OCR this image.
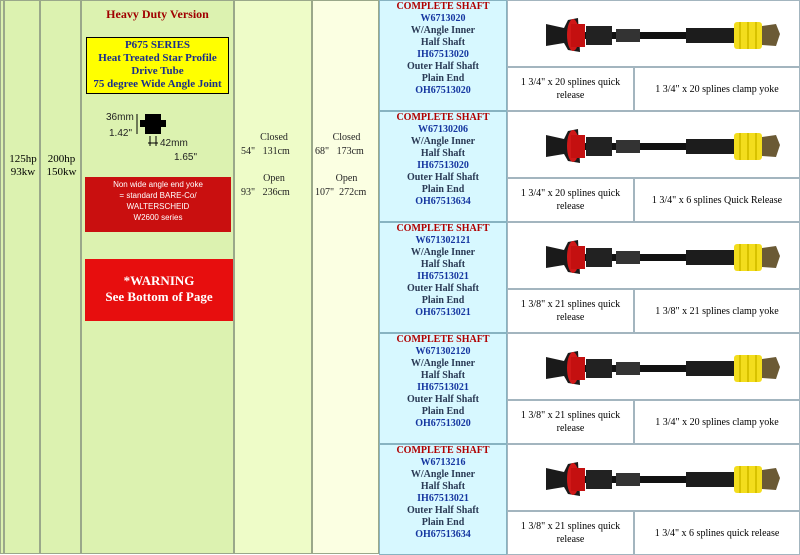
125hp
93kw
200hp
150kw
Closed
54"   131cm
Open
93"   236cm
Closed
68"   173cm
Open
107"  272cm
Heavy Duty Version
P675 SERIES
Heat Treated Star Profile
Drive Tube
75 degree Wide Angle Joint
36mm
1.42"
42mm
1.65"
Non wide angle end yoke
= standard BARE-Co/
WALTERSCHEID
W2600 series
*WARNING
See Bottom of Page
COMPLETE SHAFT
W6713020
W/Angle Inner
Half Shaft
IH67513020
Outer Half Shaft
Plain End
OH67513020
1 3/4" x 20 splines quick release
1 3/4" x 20 splines clamp yoke
COMPLETE SHAFT
W67130206
W/Angle Inner
Half Shaft
IH67513020
Outer Half Shaft
Plain End
OH67513634
1 3/4" x 20 splines quick release
1 3/4" x 6 splines Quick Release
COMPLETE SHAFT
W671302121
W/Angle Inner
Half Shaft
IH67513021
Outer Half Shaft
Plain End
OH67513021
1 3/8" x 21 splines quick release
1 3/8" x 21 splines clamp yoke
COMPLETE SHAFT
W671302120
W/Angle Inner
Half Shaft
IH67513021
Outer Half Shaft
Plain End
OH67513020
1 3/8" x 21 splines quick release
1 3/4" x 20 splines clamp yoke
COMPLETE SHAFT
W6713216
W/Angle Inner
Half Shaft
IH67513021
Outer Half Shaft
Plain End
OH67513634
1 3/8" x 21 splines quick release
1 3/4" x 6 splines quick release
